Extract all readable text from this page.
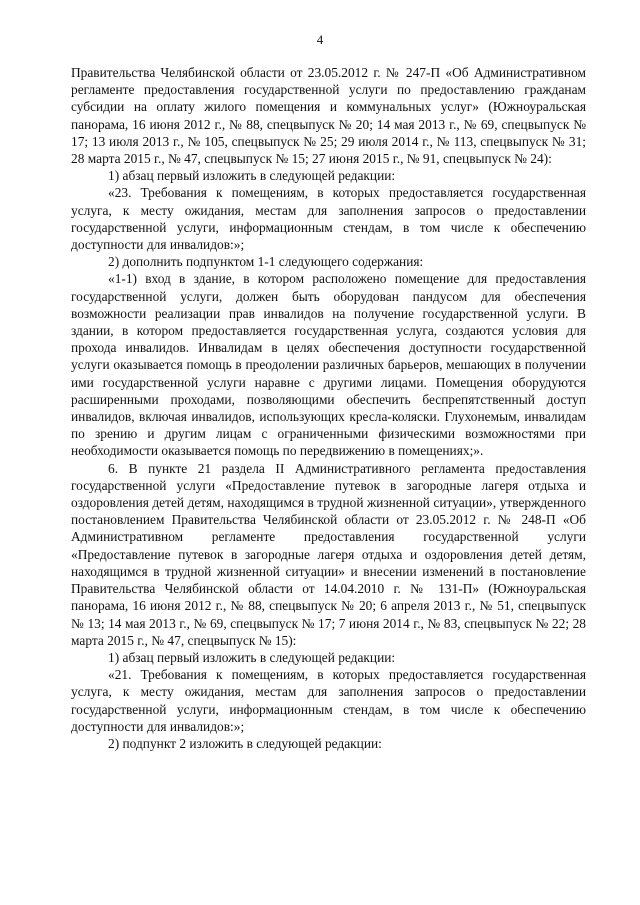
4

Правительства Челябинской области от 23.05.2012 г. № 247-П «Об Административном регламенте предоставления государственной услуги по предоставлению гражданам субсидии на оплату жилого помещения и коммунальных услуг» (Южноуральская панорама, 16 июня 2012 г., № 88, спецвыпуск № 20; 14 мая 2013 г., № 69, спецвыпуск № 17; 13 июля 2013 г., № 105, спецвыпуск № 25; 29 июля 2014 г., № 113, спецвыпуск № 31; 28 марта 2015 г., № 47, спецвыпуск № 15; 27 июня 2015 г., № 91, спецвыпуск № 24):

1) абзац первый изложить в следующей редакции:

«23. Требования к помещениям, в которых предоставляется государственная услуга, к месту ожидания, местам для заполнения запросов о предоставлении государственной услуги, информационным стендам, в том числе к обеспечению доступности для инвалидов:»;

2) дополнить подпунктом 1-1 следующего содержания:

«1-1) вход в здание, в котором расположено помещение для предоставления государственной услуги, должен быть оборудован пандусом для обеспечения возможности реализации прав инвалидов на получение государственной услуги. В здании, в котором предоставляется государственная услуга, создаются условия для прохода инвалидов. Инвалидам в целях обеспечения доступности государственной услуги оказывается помощь в преодолении различных барьеров, мешающих в получении ими государственной услуги наравне с другими лицами. Помещения оборудуются расширенными проходами, позволяющими обеспечить беспрепятственный доступ инвалидов, включая инвалидов, использующих кресла-коляски. Глухонемым, инвалидам по зрению и другим лицам с ограниченными физическими возможностями при необходимости оказывается помощь по передвижению в помещениях;».

6. В пункте 21 раздела II Административного регламента предоставления государственной услуги «Предоставление путевок в загородные лагеря отдыха и оздоровления детей детям, находящимся в трудной жизненной ситуации», утвержденного постановлением Правительства Челябинской области от 23.05.2012 г. № 248-П «Об Административном регламенте предоставления государственной услуги «Предоставление путевок в загородные лагеря отдыха и оздоровления детей детям, находящимся в трудной жизненной ситуации» и внесении изменений в постановление Правительства Челябинской области от 14.04.2010 г. № 131-П» (Южноуральская панорама, 16 июня 2012 г., № 88, спецвыпуск № 20; 6 апреля 2013 г., № 51, спецвыпуск № 13; 14 мая 2013 г., № 69, спецвыпуск № 17; 7 июня 2014 г., № 83, спецвыпуск № 22; 28 марта 2015 г., № 47, спецвыпуск № 15):

1) абзац первый изложить в следующей редакции:

«21. Требования к помещениям, в которых предоставляется государственная услуга, к месту ожидания, местам для заполнения запросов о предоставлении государственной услуги, информационным стендам, в том числе к обеспечению доступности для инвалидов:»;

2) подпункт 2 изложить в следующей редакции:
